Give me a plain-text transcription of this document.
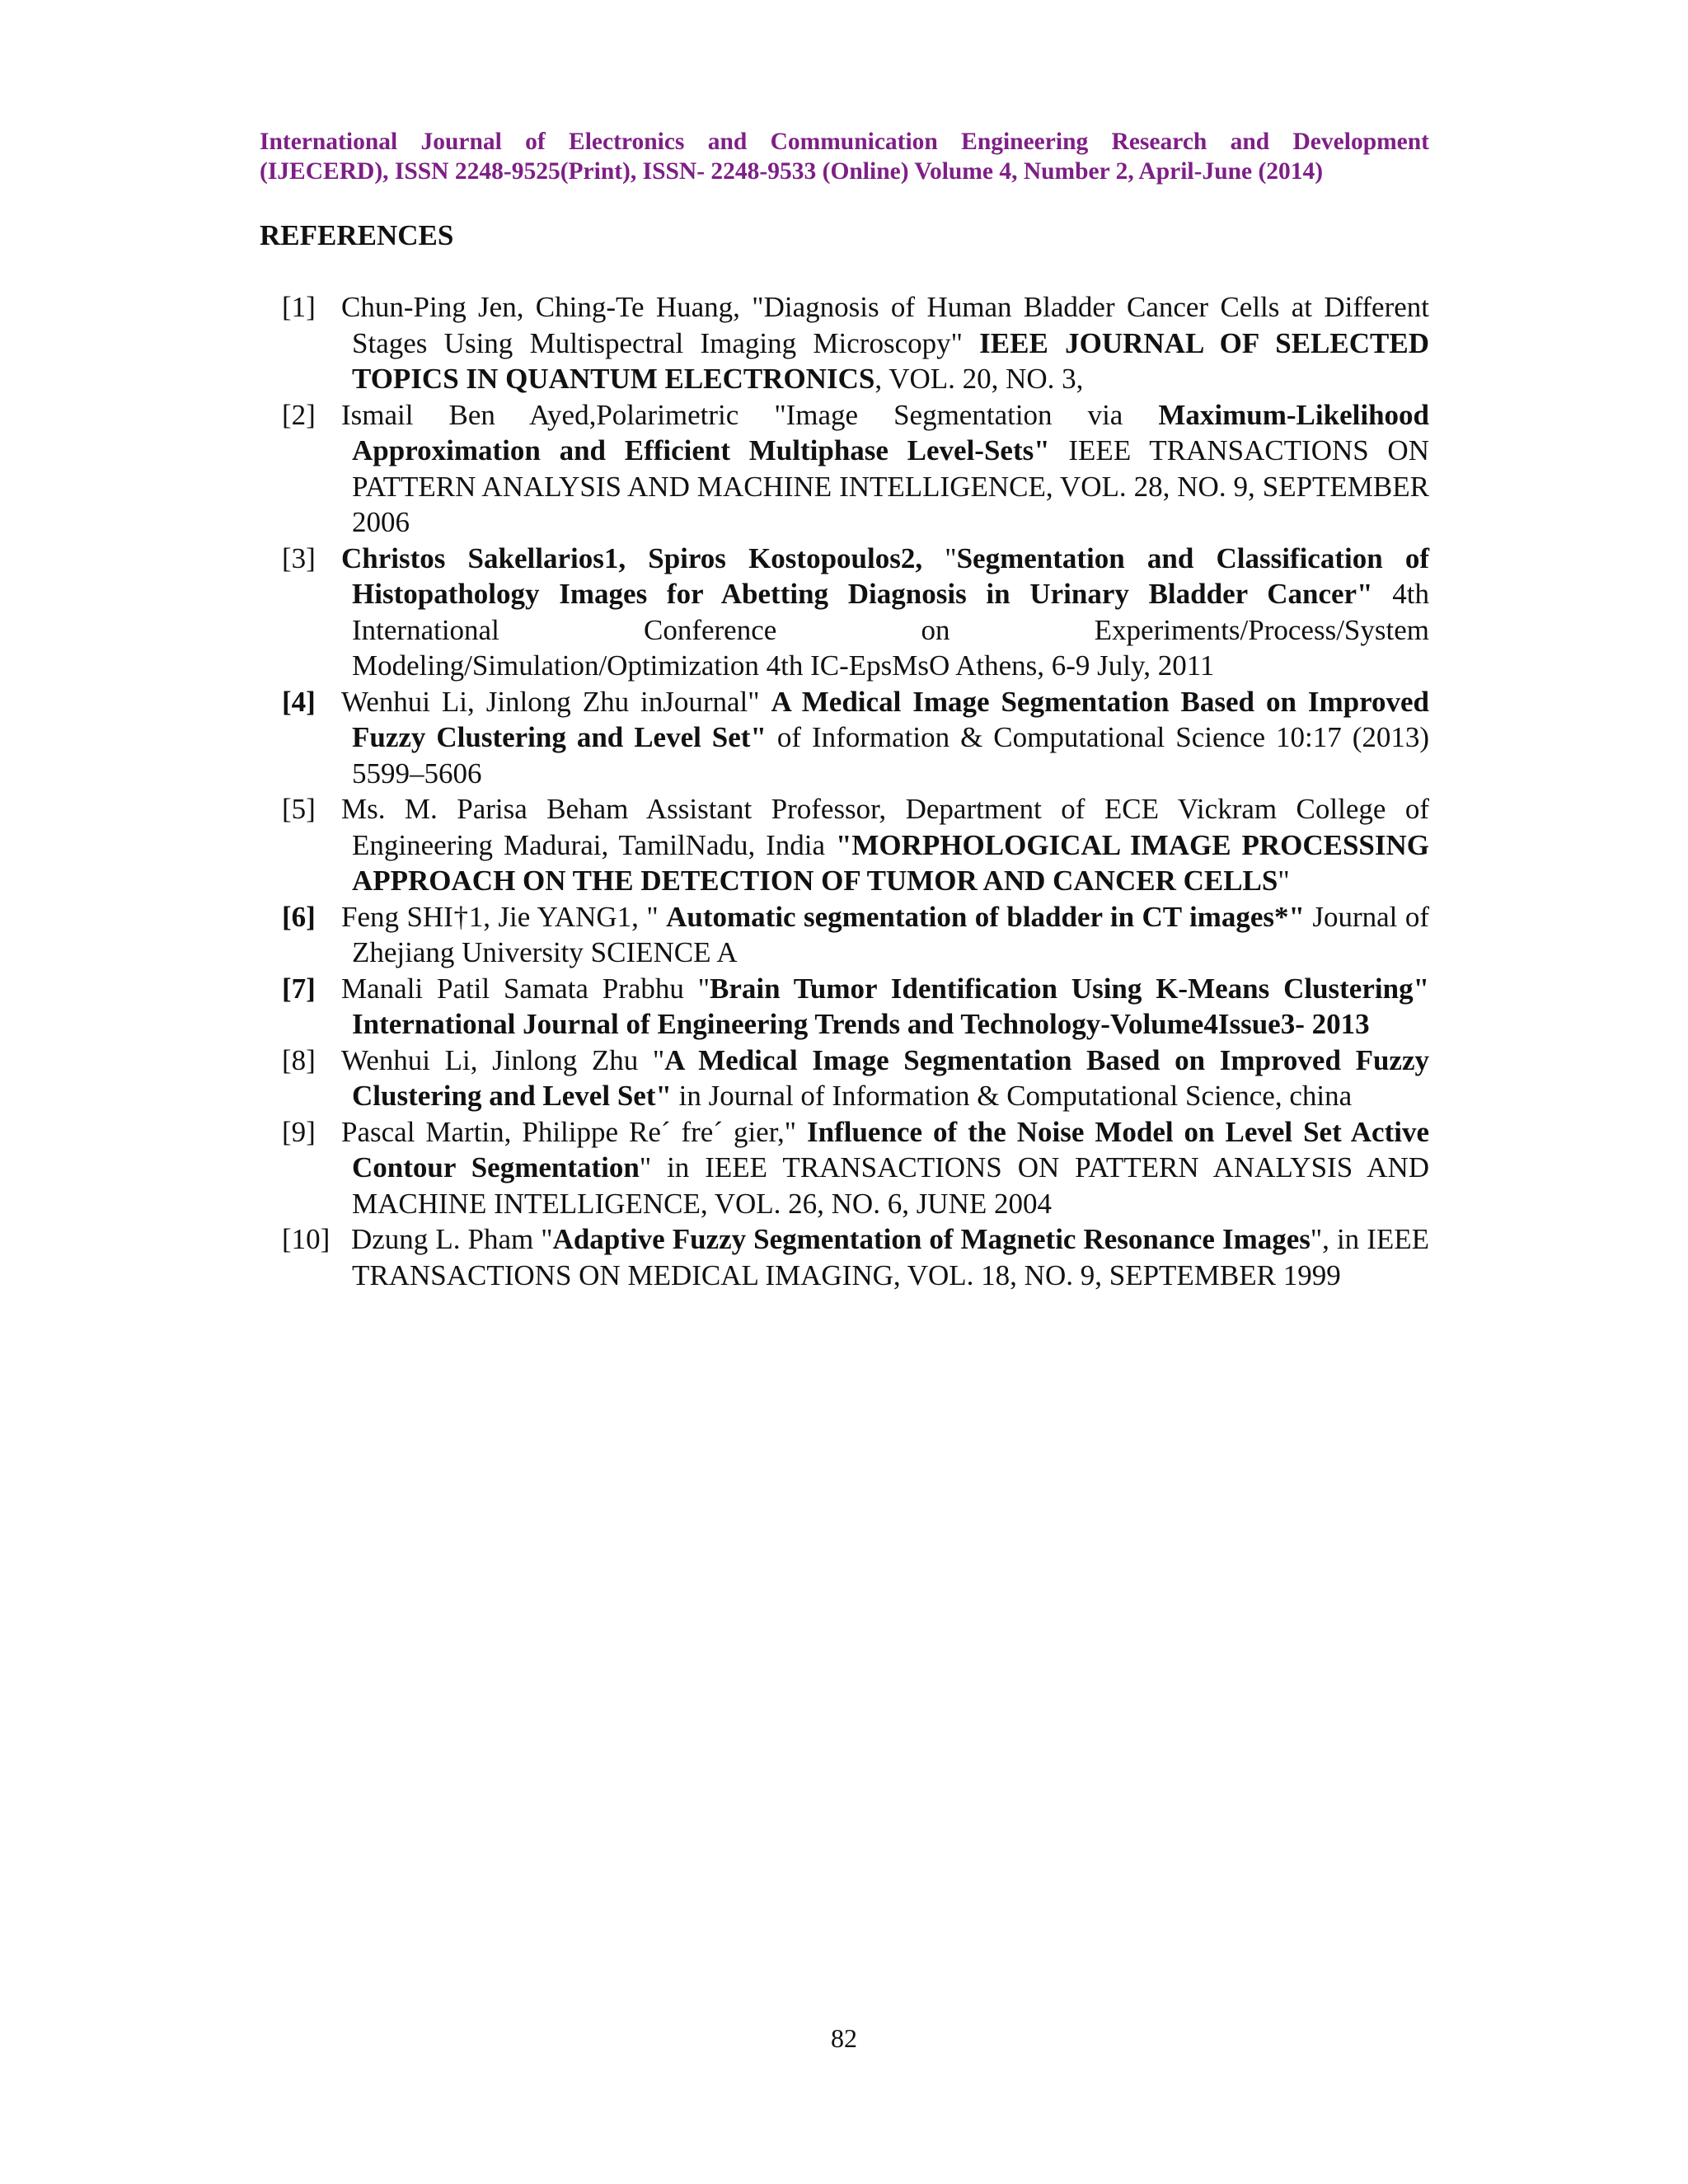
International Journal of Electronics and Communication Engineering Research and Development
(IJECERD), ISSN 2248-9525(Print), ISSN- 2248-9533 (Online) Volume 4, Number 2, April-June (2014)
REFERENCES
[1] Chun-Ping Jen, Ching-Te Huang, "Diagnosis of Human Bladder Cancer Cells at Different Stages Using Multispectral Imaging Microscopy" IEEE JOURNAL OF SELECTED TOPICS IN QUANTUM ELECTRONICS, VOL. 20, NO. 3,
[2] Ismail Ben Ayed,Polarimetric "Image Segmentation via Maximum-Likelihood Approximation and Efficient Multiphase Level-Sets" IEEE TRANSACTIONS ON PATTERN ANALYSIS AND MACHINE INTELLIGENCE, VOL. 28, NO. 9, SEPTEMBER 2006
[3] Christos Sakellarios1, Spiros Kostopoulos2, "Segmentation and Classification of Histopathology Images for Abetting Diagnosis in Urinary Bladder Cancer" 4th International Conference on Experiments/Process/System Modeling/Simulation/Optimization 4th IC-EpsMsO Athens, 6-9 July, 2011
[4] Wenhui Li, Jinlong Zhu inJournal" A Medical Image Segmentation Based on Improved Fuzzy Clustering and Level Set" of Information & Computational Science 10:17 (2013) 5599–5606
[5] Ms. M. Parisa Beham Assistant Professor, Department of ECE Vickram College of Engineering Madurai, TamilNadu, India "MORPHOLOGICAL IMAGE PROCESSING APPROACH ON THE DETECTION OF TUMOR AND CANCER CELLS"
[6] Feng SHI†1, Jie YANG1, " Automatic segmentation of bladder in CT images*" Journal of Zhejiang University SCIENCE A
[7] Manali Patil Samata Prabhu "Brain Tumor Identification Using K-Means Clustering" International Journal of Engineering Trends and Technology-Volume4Issue3- 2013
[8] Wenhui Li, Jinlong Zhu "A Medical Image Segmentation Based on Improved Fuzzy Clustering and Level Set" in Journal of Information & Computational Science, china
[9] Pascal Martin, Philippe Re´ fre´ gier," Influence of the Noise Model on Level Set Active Contour Segmentation" in IEEE TRANSACTIONS ON PATTERN ANALYSIS AND MACHINE INTELLIGENCE, VOL. 26, NO. 6, JUNE 2004
[10] Dzung L. Pham "Adaptive Fuzzy Segmentation of Magnetic Resonance Images", in IEEE TRANSACTIONS ON MEDICAL IMAGING, VOL. 18, NO. 9, SEPTEMBER 1999
82
